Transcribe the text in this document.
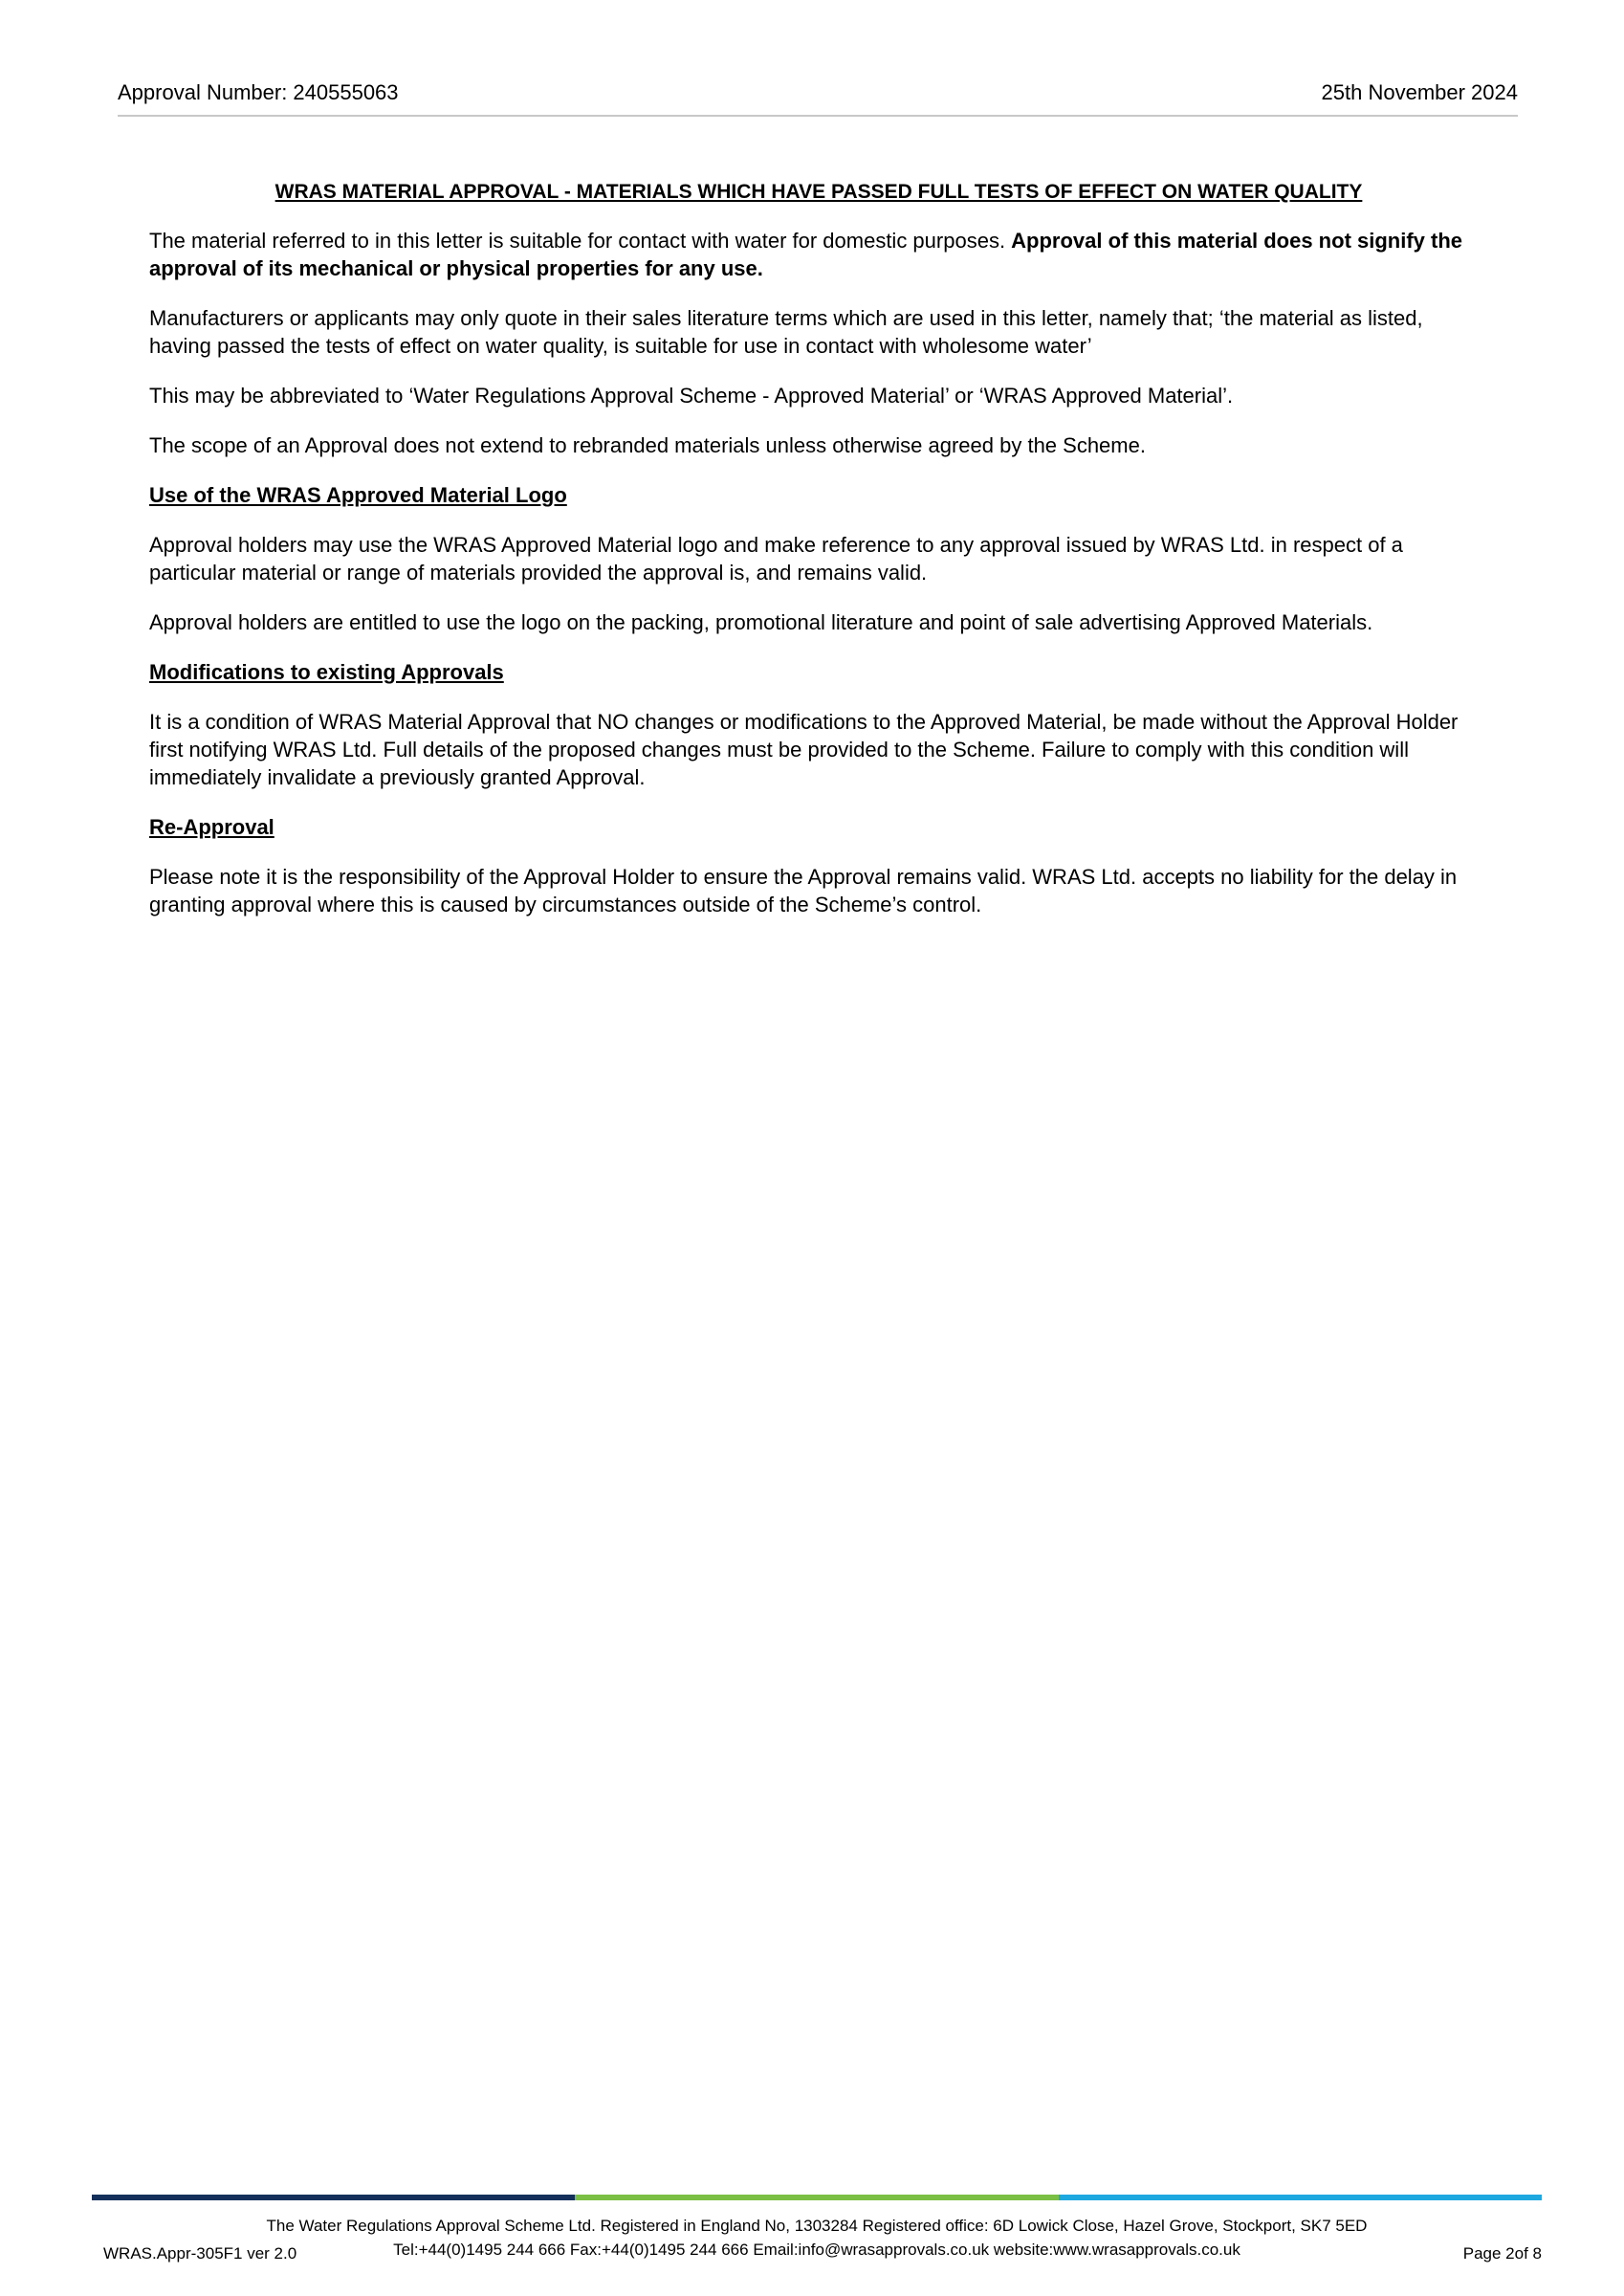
Approval Number: 240555063	25th November 2024
WRAS MATERIAL APPROVAL - MATERIALS WHICH HAVE PASSED FULL TESTS OF EFFECT ON WATER QUALITY

The material referred to in this letter is suitable for contact with water for domestic purposes. Approval of this material does not signify the approval of its mechanical or physical properties for any use.

Manufacturers or applicants may only quote in their sales literature terms which are used in this letter, namely that; ‘the material as listed, having passed the tests of effect on water quality, is suitable for use in contact with wholesome water’

This may be abbreviated to ‘Water Regulations Approval Scheme - Approved Material’ or ‘WRAS Approved Material’.

The scope of an Approval does not extend to rebranded materials unless otherwise agreed by the Scheme.

Use of the WRAS Approved Material Logo

Approval holders may use the WRAS Approved Material logo and make reference to any approval issued by WRAS Ltd. in respect of a particular material or range of materials provided the approval is, and remains valid.

Approval holders are entitled to use the logo on the packing, promotional literature and point of sale advertising Approved Materials.

Modifications to existing Approvals

It is a condition of WRAS Material Approval that NO changes or modifications to the Approved Material, be made without the Approval Holder first notifying WRAS Ltd. Full details of the proposed changes must be provided to the Scheme. Failure to comply with this condition will immediately invalidate a previously granted Approval.

Re-Approval

Please note it is the responsibility of the Approval Holder to ensure the Approval remains valid. WRAS Ltd. accepts no liability for the delay in granting approval where this is caused by circumstances outside of the Scheme’s control.

The Water Regulations Approval Scheme Ltd. Registered in England No, 1303284 Registered office: 6D Lowick Close, Hazel Grove, Stockport, SK7 5ED
Tel:+44(0)1495 244 666 Fax:+44(0)1495 244 666 Email:info@wrasapprovals.co.uk website:www.wrasapprovals.co.uk
WRAS.Appr-305F1 ver 2.0	Page 2of 8
